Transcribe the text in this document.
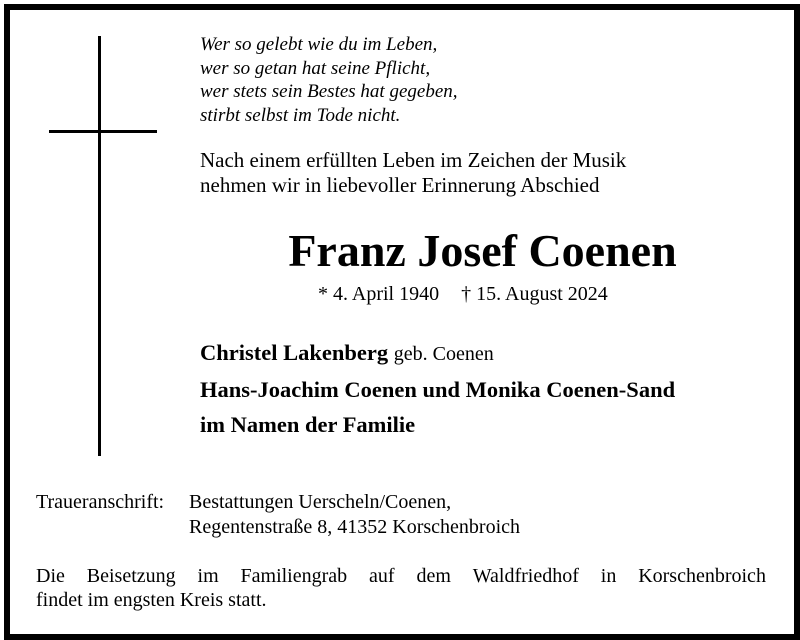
Wer so gelebt wie du im Leben,
wer so getan hat seine Pflicht,
wer stets sein Bestes hat gegeben,
stirbt selbst im Tode nicht.
Nach einem erfüllten Leben im Zeichen der Musik
nehmen wir in liebevoller Erinnerung Abschied
Franz Josef Coenen
* 4. April 1940 † 15. August 2024
Christel Lakenberg geb. Coenen
Hans-Joachim Coenen und Monika Coenen-Sand
im Namen der Familie
Traueranschrift: Bestattungen Uerscheln/Coenen,
Regentenstraße 8, 41352 Korschenbroich
Die Beisetzung im Familiengrab auf dem Waldfriedhof in Korschenbroich
findet im engsten Kreis statt.
